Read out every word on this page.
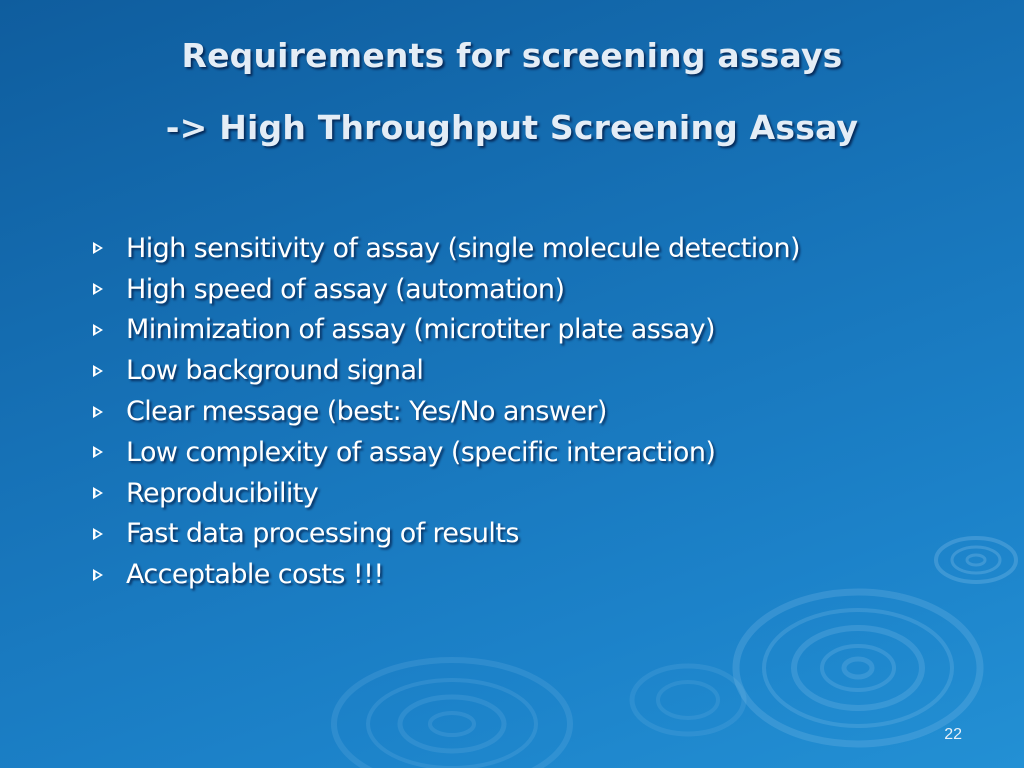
Requirements for screening assays
-> High Throughput Screening Assay
High sensitivity of assay (single molecule detection)
High speed of assay (automation)
Minimization of assay (microtiter plate assay)
Low background signal
Clear message (best: Yes/No answer)
Low complexity of assay (specific interaction)
Reproducibility
Fast data processing of results
Acceptable costs !!!
22
